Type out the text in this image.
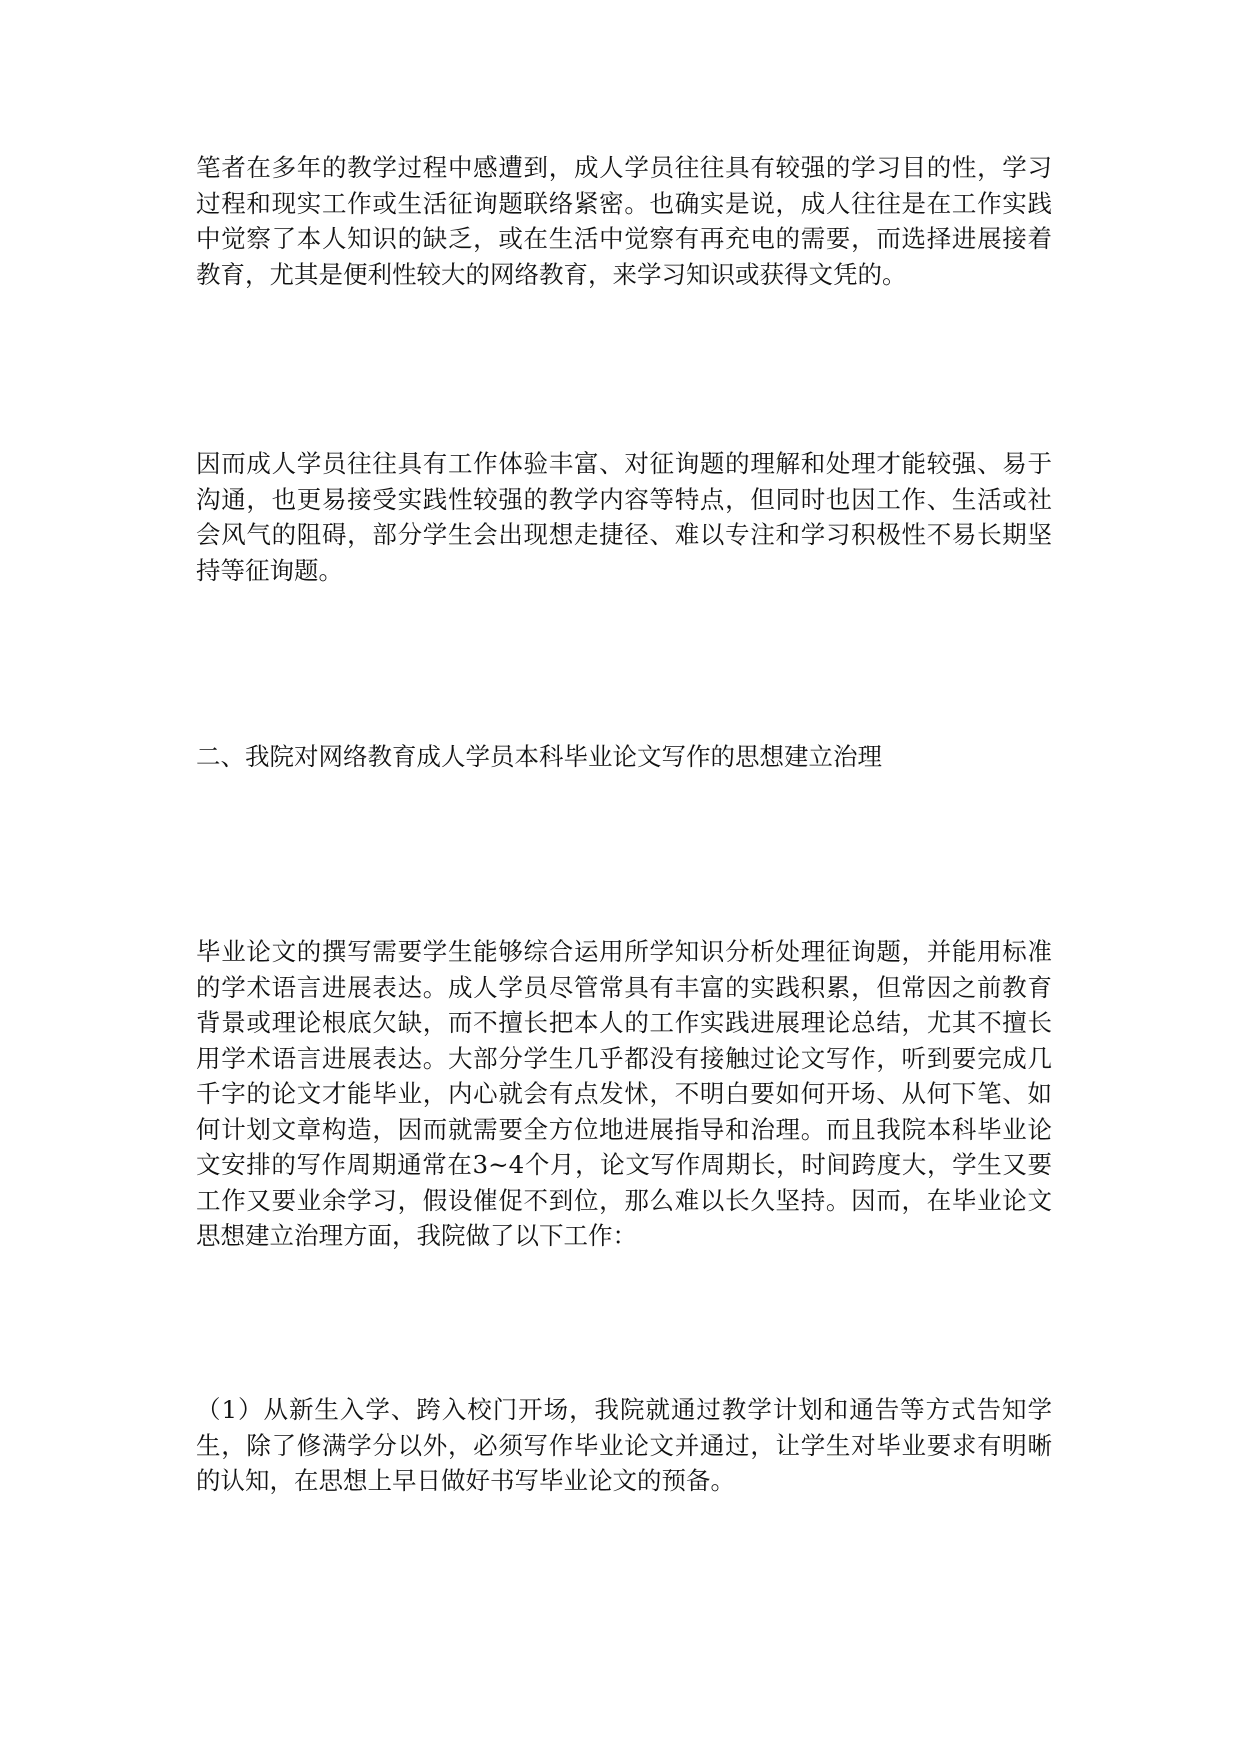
笔者在多年的教学过程中感遭到，成人学员往往具有较强的学习目的性，学习过程和现实工作或生活征询题联络紧密。也确实是说，成人往往是在工作实践中觉察了本人知识的缺乏，或在生活中觉察有再充电的需要，而选择进展接着教育，尤其是便利性较大的网络教育，来学习知识或获得文凭的。

因而成人学员往往具有工作体验丰富、对征询题的理解和处理才能较强、易于沟通，也更易接受实践性较强的教学内容等特点，但同时也因工作、生活或社会风气的阻碍，部分学生会出现想走捷径、难以专注和学习积极性不易长期坚持等征询题。

二、我院对网络教育成人学员本科毕业论文写作的思想建立治理

毕业论文的撰写需要学生能够综合运用所学知识分析处理征询题，并能用标准的学术语言进展表达。成人学员尽管常具有丰富的实践积累，但常因之前教育背景或理论根底欠缺，而不擅长把本人的工作实践进展理论总结，尤其不擅长用学术语言进展表达。大部分学生几乎都没有接触过论文写作，听到要完成几千字的论文才能毕业，内心就会有点发怵，不明白要如何开场、从何下笔、如何计划文章构造，因而就需要全方位地进展指导和治理。而且我院本科毕业论文安排的写作周期通常在3~4个月，论文写作周期长，时间跨度大，学生又要工作又要业余学习，假设催促不到位，那么难以长久坚持。因而，在毕业论文思想建立治理方面，我院做了以下工作：

（1）从新生入学、跨入校门开场，我院就通过教学计划和通告等方式告知学生，除了修满学分以外，必须写作毕业论文并通过，让学生对毕业要求有明晰的认知，在思想上早日做好书写毕业论文的预备。
